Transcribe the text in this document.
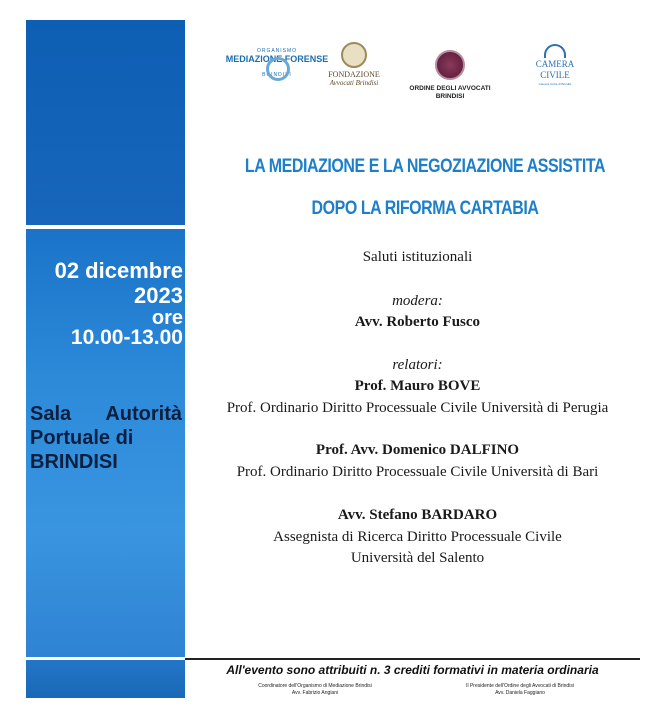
02 dicembre
2023
ore
10.00-13.00
Sala Autorità
Portuale di
BRINDISI
ORGANISMO
MEDIAZIONE FORENSE
BRINDISI	FONDAZIONE
Avvocati Brindisi
ORDINE DEGLI AVVOCATI
BRINDISI
CAMERA
CIVILE
Camera Civile di Brindisi
LA MEDIAZIONE E LA NEGOZIAZIONE ASSISTITA
DOPO LA RIFORMA CARTABIA
Saluti istituzionali
modera:
Avv. Roberto Fusco
relatori:
Prof. Mauro BOVE
Prof. Ordinario Diritto Processuale Civile Università di Perugia
Prof. Avv. Domenico DALFINO
Prof. Ordinario Diritto Processuale Civile Università di Bari
Avv. Stefano BARDARO
Assegnista di Ricerca Diritto Processuale Civile
Università del Salento
All'evento sono attribuiti n. 3 crediti formativi in materia ordinaria
Coordinatore dell'Organismo di Mediazione Brindisi
Avv. Fabrizio Angiani
Il Presidente dell'Ordine degli Avvocati di Brindisi
Avv. Daniela Faggiano
